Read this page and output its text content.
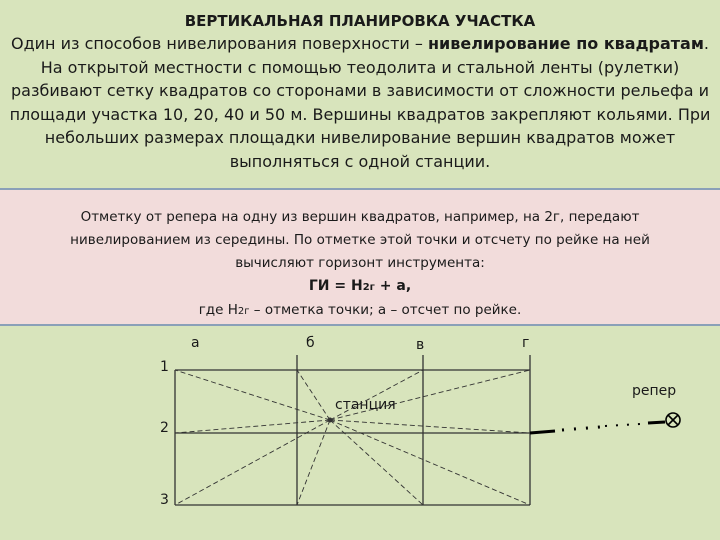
ВЕРТИКАЛЬНАЯ ПЛАНИРОВКА УЧАСТКА
Один из способов нивелирования поверхности – нивелирование по квадратам. На открытой местности с помощью теодолита и стальной ленты (рулетки) разбивают сетку квадратов со сторонами в зависимости от сложности рельефа и площади участка 10, 20, 40 и 50 м. Вершины квадратов закрепляют кольями. При небольших размерах площадки нивелирование вершин квадратов может выполняться с одной станции.
Отметку от репера на одну из вершин квадратов, например, на 2г, передают нивелированием из середины. По отметке этой точки и отсчету по рейке на ней вычисляют горизонт инструмента:
ГИ = Н2г + а,
где Н2г – отметка точки; а – отсчет по рейке.
а	б	в	г
1
2
3
станция
репер
